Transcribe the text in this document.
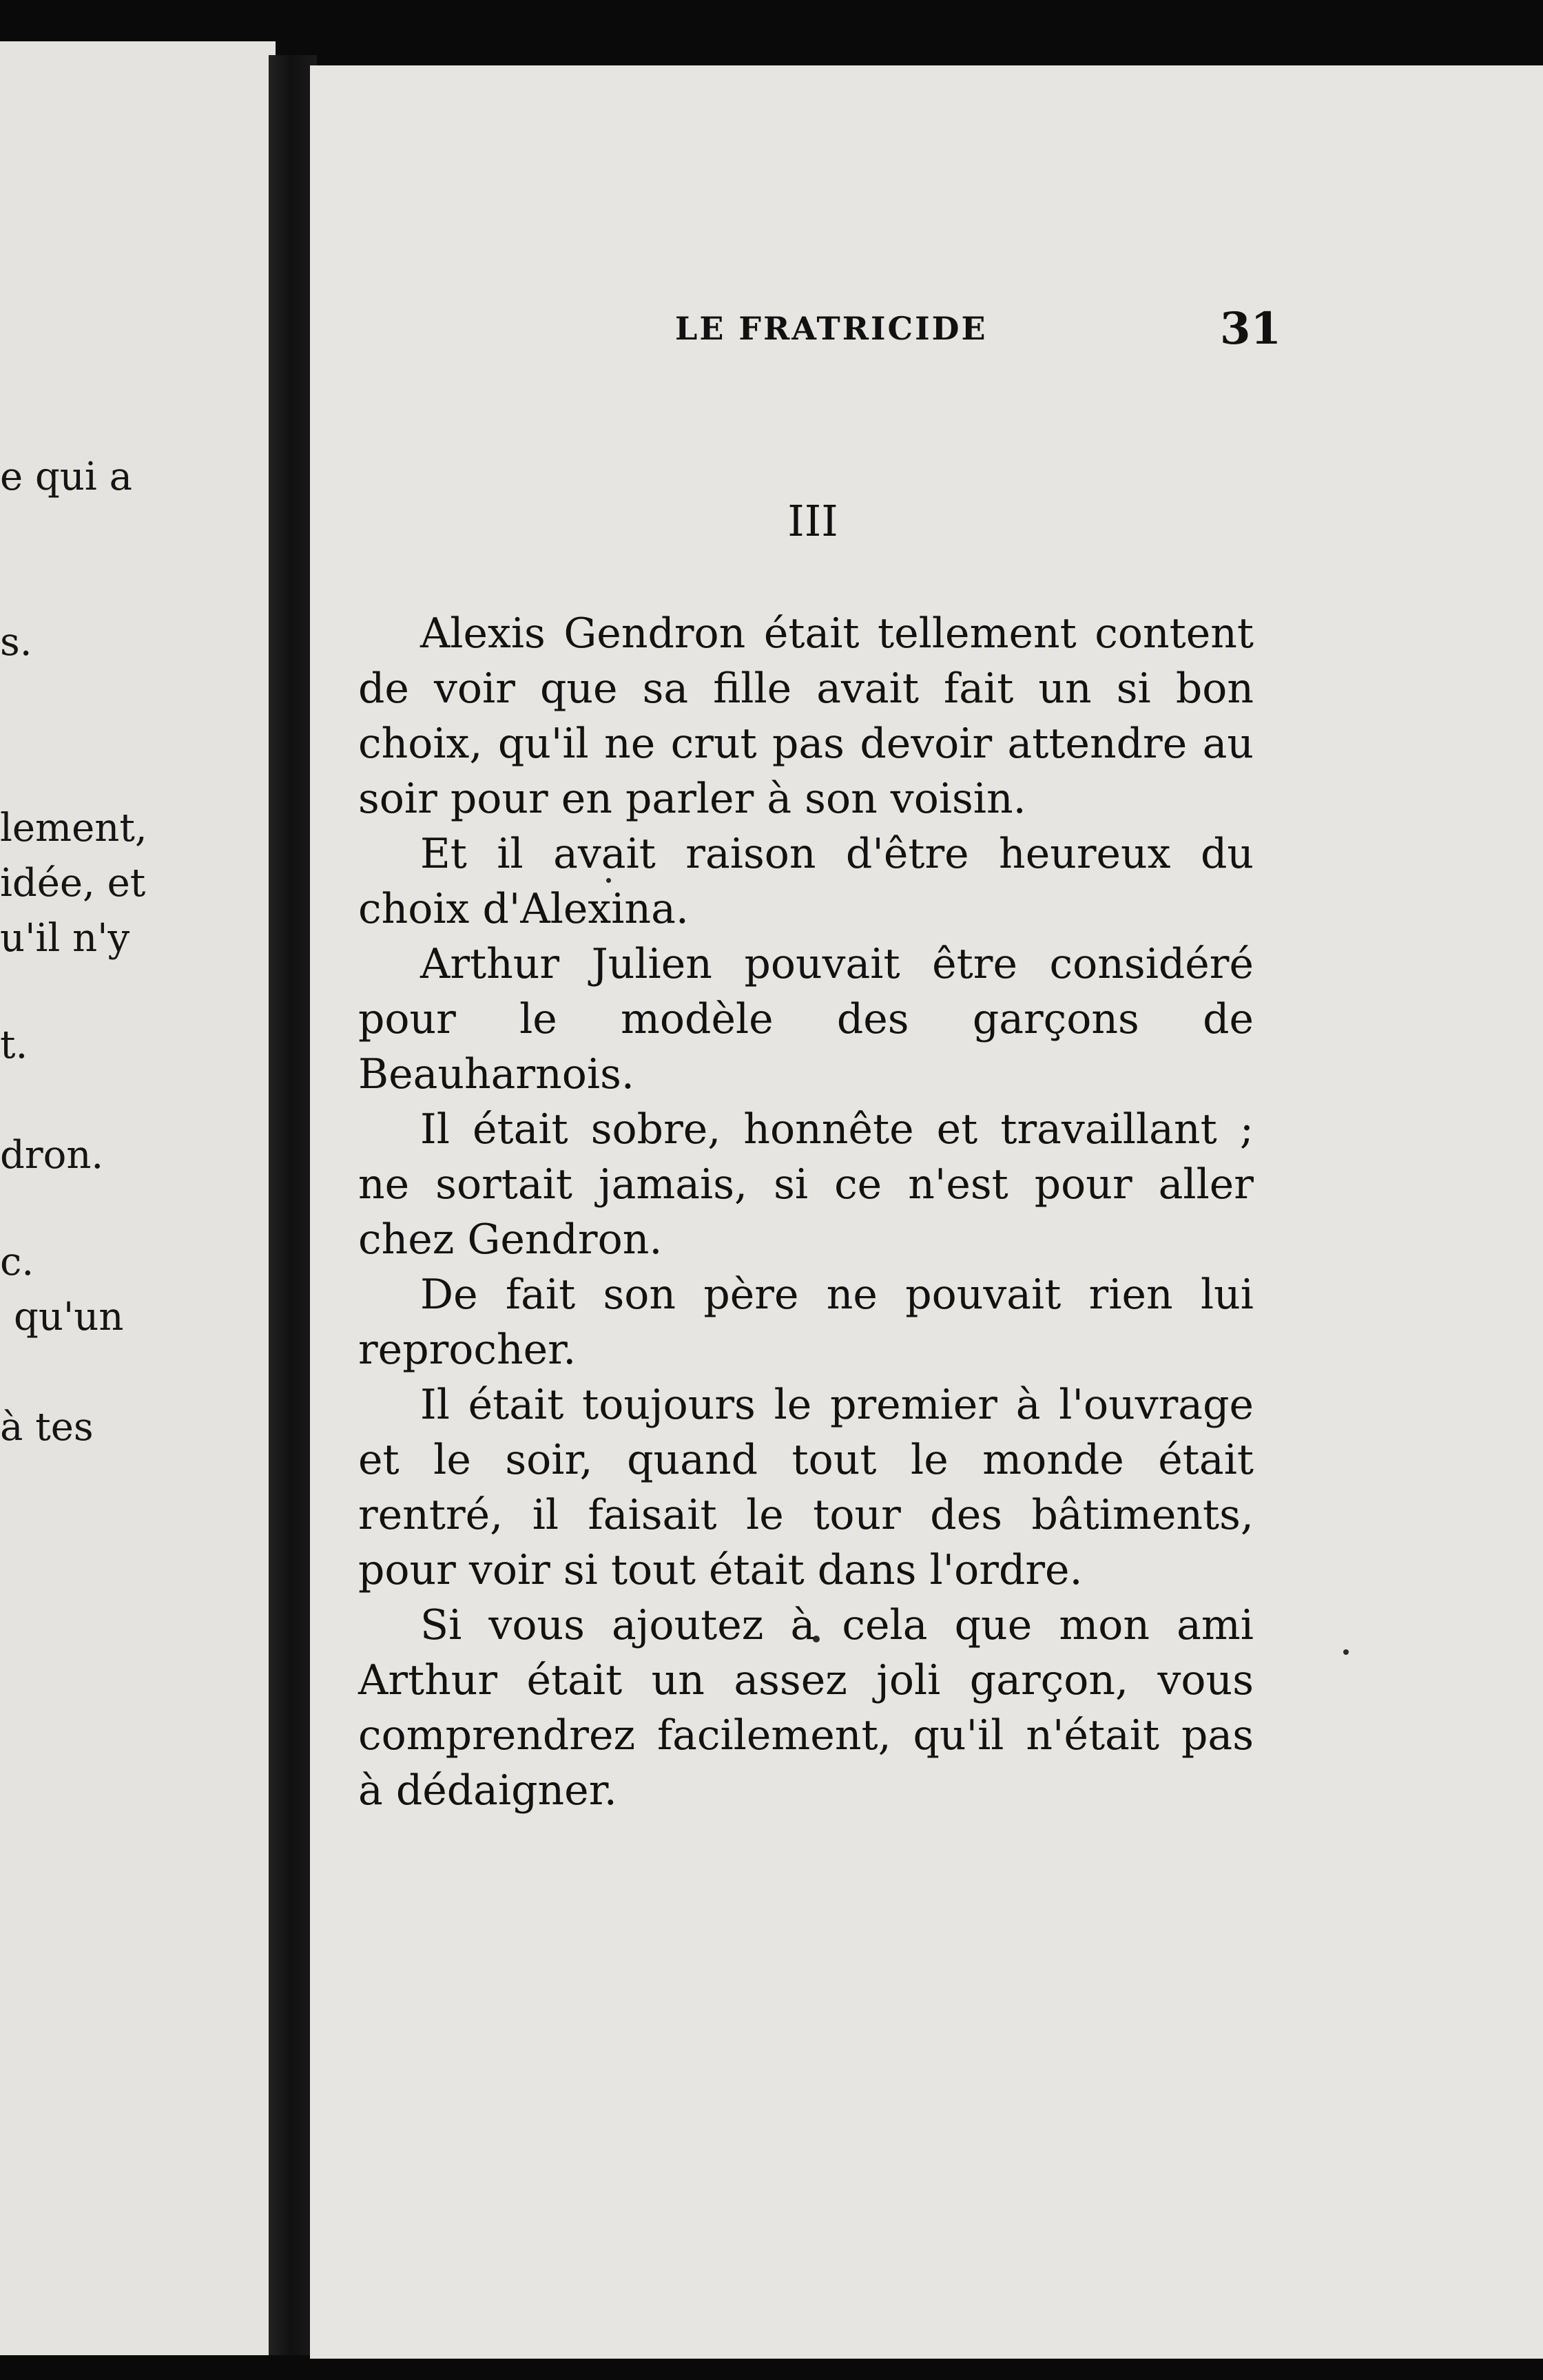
e qui a
s.
lement,
idée, et
u'il n'y
t.
dron.
c.
qu'un
à tes
LE FRATRICIDE	31
III

Alexis Gendron était tellement content de voir que sa fille avait fait un si bon choix, qu'il ne crut pas devoir attendre au soir pour en parler à son voisin.

Et il avait raison d'être heureux du choix d'Alexina.

Arthur Julien pouvait être considéré pour le modèle des garçons de Beauharnois.

Il était sobre, honnête et travaillant ; ne sortait jamais, si ce n'est pour aller chez Gendron.

De fait son père ne pouvait rien lui reprocher.

Il était toujours le premier à l'ouvrage et le soir, quand tout le monde était rentré, il faisait le tour des bâtiments, pour voir si tout était dans l'ordre.

Si vous ajoutez à cela que mon ami Arthur était un assez joli garçon, vous comprendrez facilement, qu'il n'était pas à dédaigner.
